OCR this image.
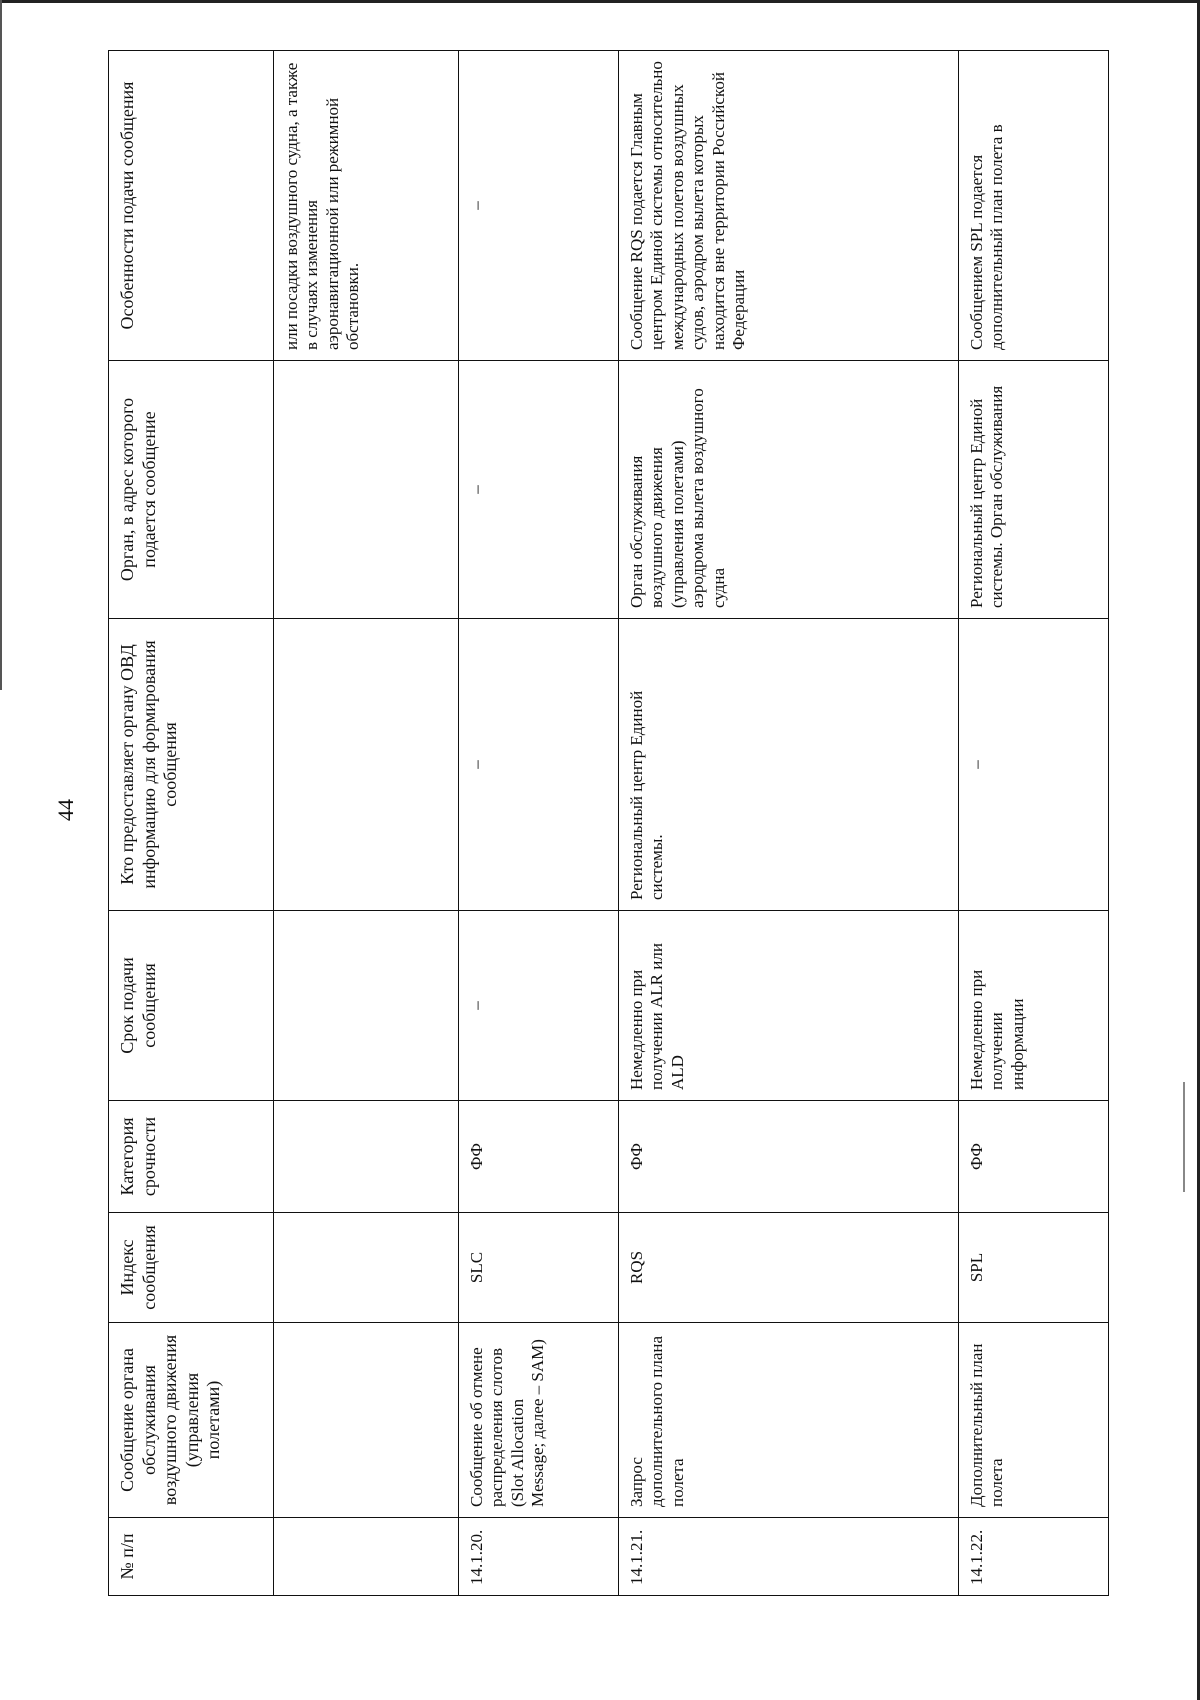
44
№ п/п	Сообщение органа обслуживания воздушного движения (управления полетами)	Индекс сообщения	Категория срочности	Срок подачи сообщения	Кто предоставляет органу ОВД информацию для формирования сообщения	Орган, в адрес которого подается сообщение	Особенности подачи сообщения
							или посадки воздушного судна, а также в случаях изменения аэронавигационной или режимной обстановки.
14.1.20.	Сообщение об отмене распределения слотов (Slot Allocation Message; далее – SAM)	SLC	ФФ	–	–	–	–
14.1.21.	Запрос дополнительного плана полета	RQS	ФФ	Немедленно при получении ALR или ALD	Региональный центр Единой системы.	Орган обслуживания воздушного движения (управления полетами) аэродрома вылета воздушного судна	Сообщение RQS подается Главным центром Единой системы относительно международных полетов воздушных судов, аэродром вылета которых находится вне территории Российской Федерации
14.1.22.	Дополнительный план полета	SPL	ФФ	Немедленно при получении информации	–	Региональный центр Единой системы. Орган обслуживания	Сообщением SPL подается дополнительный план полета в
